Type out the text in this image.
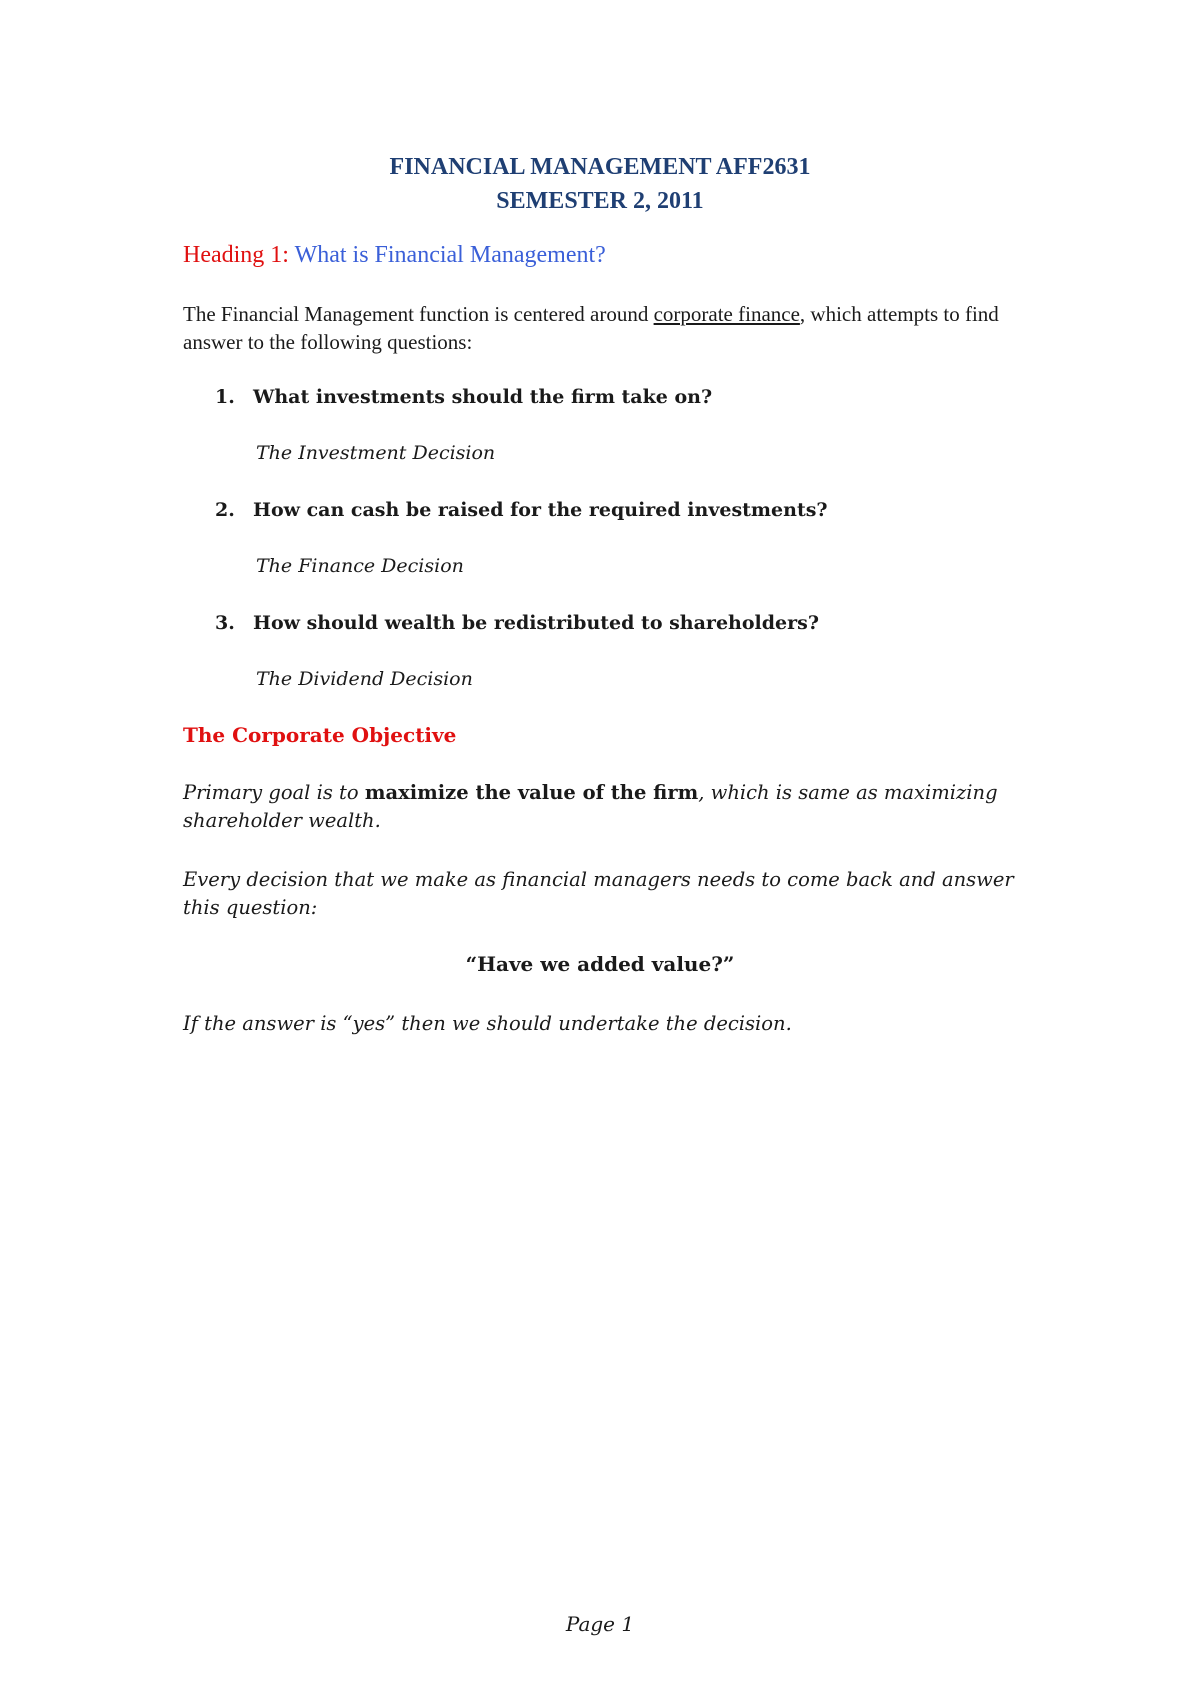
FINANCIAL MANAGEMENT AFF2631
SEMESTER 2, 2011
Heading 1: What is Financial Management?
The Financial Management function is centered around corporate finance, which attempts to find answer to the following questions:
1. What investments should the firm take on?
The Investment Decision
2. How can cash be raised for the required investments?
The Finance Decision
3. How should wealth be redistributed to shareholders?
The Dividend Decision
The Corporate Objective
Primary goal is to maximize the value of the firm, which is same as maximizing shareholder wealth.
Every decision that we make as financial managers needs to come back and answer this question:
“Have we added value?”
If the answer is “yes” then we should undertake the decision.
Page 1
